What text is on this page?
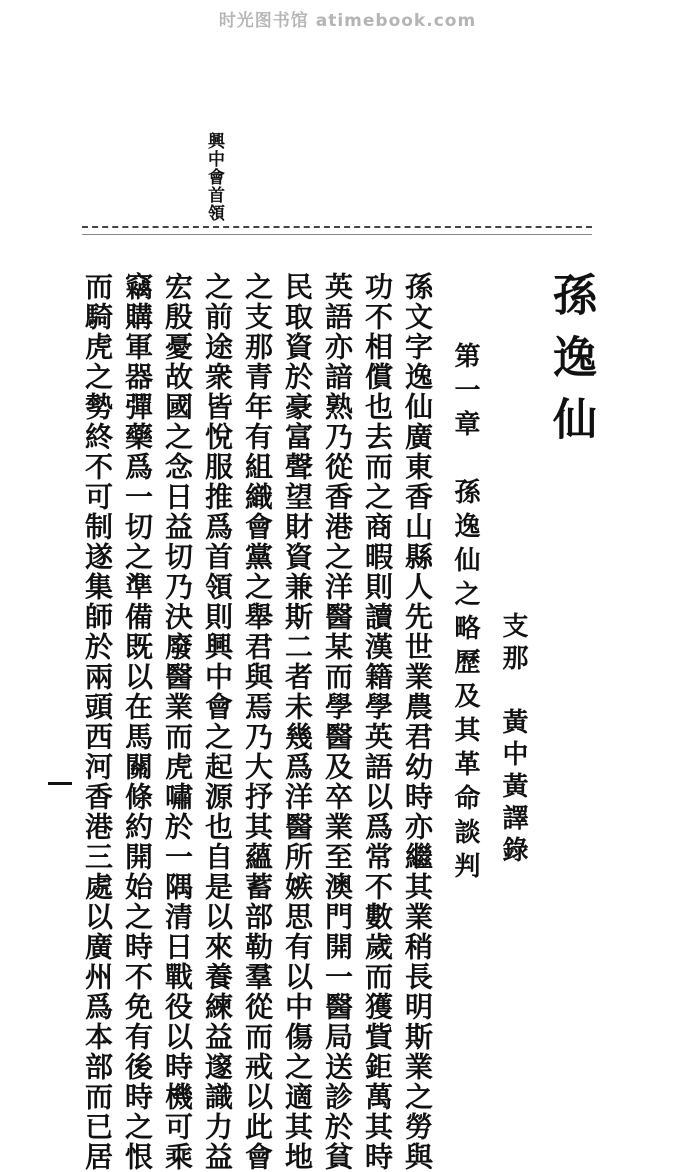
时光图书馆 atimebook.com
興中會首領
孫逸仙
支那　黃中黃譯錄
第一章　孫逸仙之略歷及其革命談判
孫文字逸仙廣東香山縣人先世業農君幼時亦繼其業稍長明斯業之勞與
功不相償也去而之商暇則讀漢籍學英語以爲常不數歲而獲貲鉅萬其時
英語亦諳熟乃從香港之洋醫某而學醫及卒業至澳門開一醫局送診於貧
民取資於豪富聲望財資兼斯二者未幾爲洋醫所嫉思有以中傷之適其地
之支那青年有組織會黨之舉君與焉乃大抒其蘊蓄部勒羣從而戒以此會
之前途衆皆悅服推爲首領則興中會之起源也自是以來養練益邃識力益
宏殷憂故國之念日益切乃決廢醫業而虎嘯於一隅清日戰役以時機可乘
竊購軍器彈藥爲一切之準備既以在馬關條約開始之時不免有後時之恨
而騎虎之勢終不可制遂集師於兩頭西河香港三處以廣州爲本部而已居
